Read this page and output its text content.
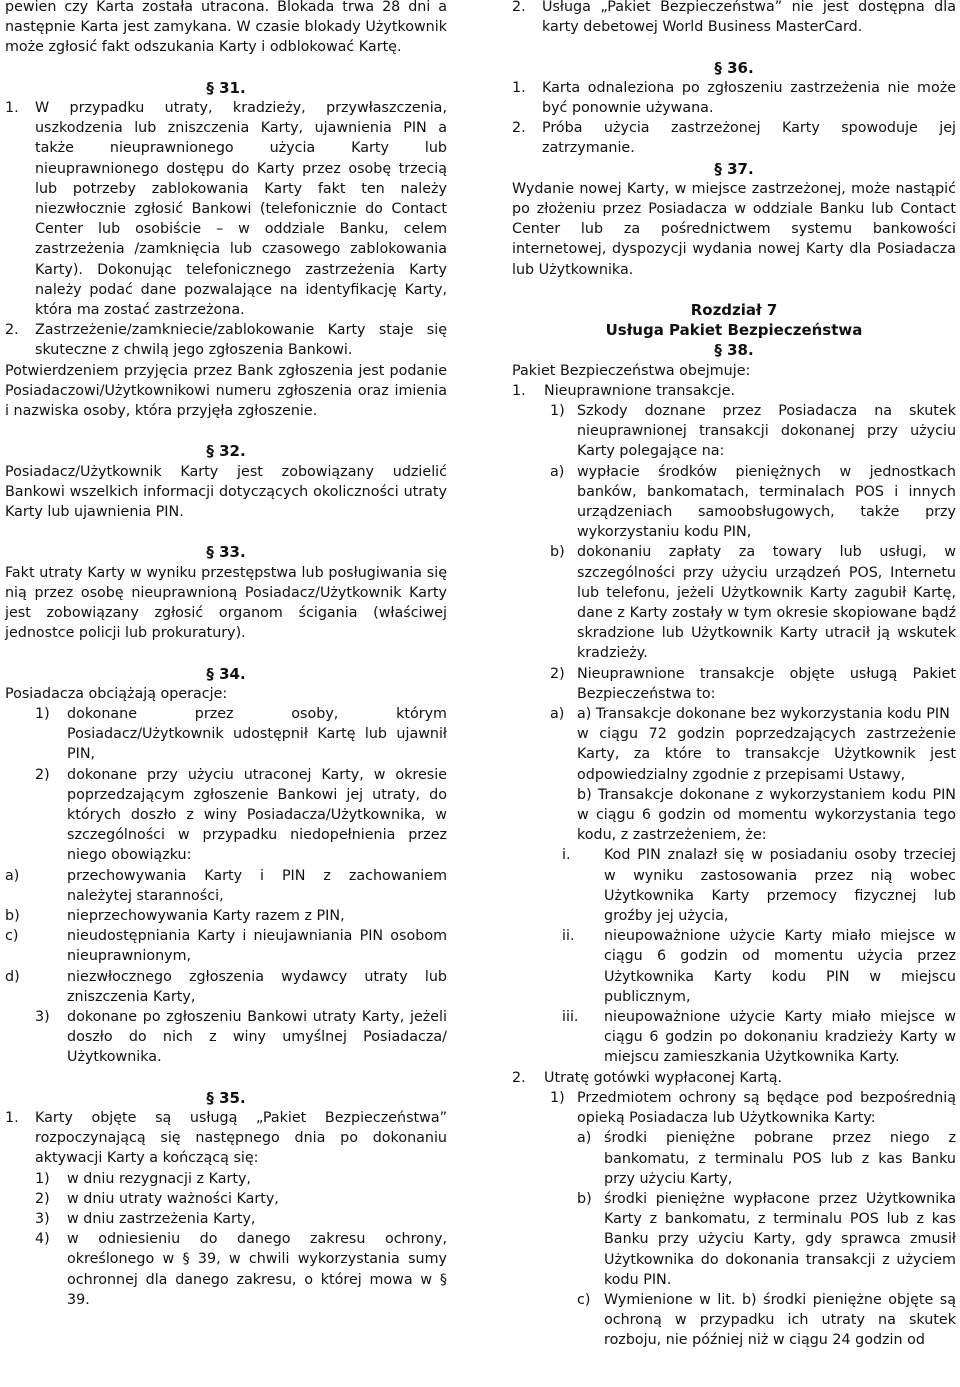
pewien czy Karta została utracona. Blokada trwa 28 dni a następnie Karta jest zamykana. W czasie blokady Użytkownik może zgłosić fakt odszukania Karty i odblokować Kartę.

§ 31.
1.	W przypadku utraty, kradzieży, przywłaszczenia, uszkodzenia lub zniszczenia Karty, ujawnienia PIN a także nieuprawnionego użycia Karty lub nieuprawnionego dostępu do Karty przez osobę trzecią lub potrzeby zablokowania Karty fakt ten należy niezwłocznie zgłosić Bankowi (telefonicznie do Contact Center lub osobiście – w oddziale Banku, celem zastrzeżenia /zamknięcia lub czasowego zablokowania Karty). Dokonując telefonicznego zastrzeżenia Karty należy podać dane pozwalające na identyfikację Karty, która ma zostać zastrzeżona.
2.	Zastrzeżenie/zamkniecie/zablokowanie Karty staje się skuteczne z chwilą jego zgłoszenia Bankowi.

Potwierdzeniem przyjęcia przez Bank zgłoszenia jest podanie Posiadaczowi/Użytkownikowi numeru zgłoszenia oraz imienia i nazwiska osoby, która przyjęła zgłoszenie.

§ 32.

Posiadacz/Użytkownik Karty jest zobowiązany udzielić Bankowi wszelkich informacji dotyczących okoliczności utraty Karty lub ujawnienia PIN.

§ 33.

Fakt utraty Karty w wyniku przestępstwa lub posługiwania się nią przez osobę nieuprawnioną Posiadacz/Użytkownik Karty jest zobowiązany zgłosić organom ścigania (właściwej jednostce policji lub prokuratury).

§ 34.

Posiadacza obciążają operacje:

1)	dokonane przez osoby, którym Posiadacz/Użytkownik udostępnił Kartę lub ujawnił PIN,
2)	dokonane przy użyciu utraconej Karty, w okresie poprzedzającym zgłoszenie Bankowi jej utraty, do których doszło z winy Posiadacza/Użytkownika, w szczególności w przypadku niedopełnienia przez niego obowiązku:
a)	przechowywania Karty i PIN z zachowaniem należytej staranności,
b)	nieprzechowywania Karty razem z PIN,
c)	nieudostępniania Karty i nieujawniania PIN osobom nieuprawnionym,
d)	niezwłocznego zgłoszenia wydawcy utraty lub zniszczenia Karty,
3)	dokonane po zgłoszeniu Bankowi utraty Karty, jeżeli doszło do nich z winy umyślnej Posiadacza/ Użytkownika.
§ 35.
1.	Karty objęte są usługą „Pakiet Bezpieczeństwa” rozpoczynającą się następnego dnia po dokonaniu aktywacji Karty a kończącą się:
1)	w dniu rezygnacji z Karty,
2)	w dniu utraty ważności Karty,
3)	w dniu zastrzeżenia Karty,
4)	w odniesieniu do danego zakresu ochrony, określonego w § 39, w chwili wykorzystania sumy ochronnej dla danego zakresu, o której mowa w § 39.
2.	Usługa „Pakiet Bezpieczeństwa” nie jest dostępna dla karty debetowej World Business MasterCard.
§ 36.
1.	Karta odnaleziona po zgłoszeniu zastrzeżenia nie może być ponownie używana.
2.	Próba użycia zastrzeżonej Karty spowoduje jej zatrzymanie.
§ 37.

Wydanie nowej Karty, w miejsce zastrzeżonej, może nastąpić po złożeniu przez Posiadacza w oddziale Banku lub Contact Center lub za pośrednictwem systemu bankowości internetowej, dyspozycji wydania nowej Karty dla Posiadacza lub Użytkownika.

Rozdział 7
Usługa Pakiet Bezpieczeństwa
§ 38.

Pakiet Bezpieczeństwa obejmuje:

1.	Nieuprawnione transakcje.
1) Szkody doznane przez Posiadacza na skutek nieuprawnionej transakcji dokonanej przy użyciu Karty polegające na:
a) wypłacie środków pieniężnych w jednostkach banków, bankomatach, terminalach POS i innych urządzeniach samoobsługowych, także przy wykorzystaniu kodu PIN,
b) dokonaniu zapłaty za towary lub usługi, w szczególności przy użyciu urządzeń POS, Internetu lub telefonu, jeżeli Użytkownik Karty zagubił Kartę, dane z Karty zostały w tym okresie skopiowane bądź skradzione lub Użytkownik Karty utracił ją wskutek kradzieży.
2) Nieuprawnione transakcje objęte usługą Pakiet Bezpieczeństwa to:
a) a) Transakcje dokonane bez wykorzystania kodu PIN
w ciągu 72 godzin poprzedzających zastrzeżenie Karty, za które to transakcje Użytkownik jest odpowiedzialny zgodnie z przepisami Ustawy,
b) Transakcje dokonane z wykorzystaniem kodu PIN w ciągu 6 godzin od momentu wykorzystania tego kodu, z zastrzeżeniem, że:
i.	Kod PIN znalazł się w posiadaniu osoby trzeciej w wyniku zastosowania przez nią wobec Użytkownika Karty przemocy fizycznej lub groźby jej użycia,
ii.	nieupoważnione użycie Karty miało miejsce w ciągu 6 godzin od momentu użycia przez Użytkownika Karty kodu PIN w miejscu publicznym,
iii.	nieupoważnione użycie Karty miało miejsce w ciągu 6 godzin po dokonaniu kradzieży Karty w miejscu zamieszkania Użytkownika Karty.
2.	Utratę gotówki wypłaconej Kartą.
1) Przedmiotem ochrony są będące pod bezpośrednią opieką Posiadacza lub Użytkownika Karty:
a) środki pieniężne pobrane przez niego z bankomatu, z terminalu POS lub z kas Banku przy użyciu Karty,
b) środki pieniężne wypłacone przez Użytkownika Karty z bankomatu, z terminalu POS lub z kas Banku przy użyciu Karty, gdy sprawca zmusił Użytkownika do dokonania transakcji z użyciem kodu PIN.
c) Wymienione w lit. b) środki pieniężne objęte są ochroną w przypadku ich utraty na skutek rozboju, nie później niż w ciągu 24 godzin od
